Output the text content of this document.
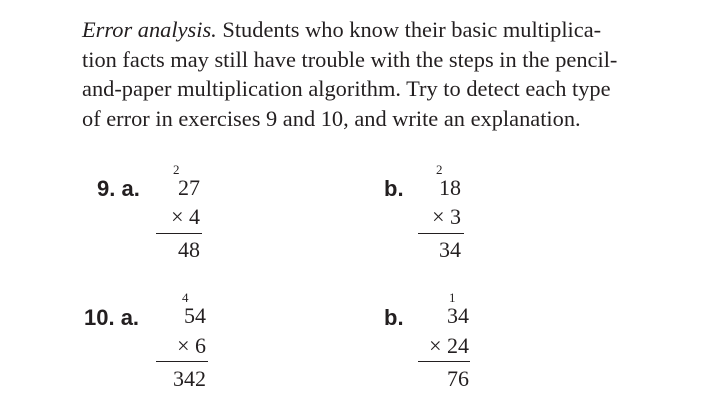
Error analysis. Students who know their basic multiplica-
tion facts may still have trouble with the steps in the pencil-
and-paper multiplication algorithm. Try to detect each type
of error in exercises 9 and 10, and write an explanation.

9. a.
2
27
× 4
48
b.
2
18
× 3
34
10. a.
4
54
× 6
342
b.
1
34
× 24
76
